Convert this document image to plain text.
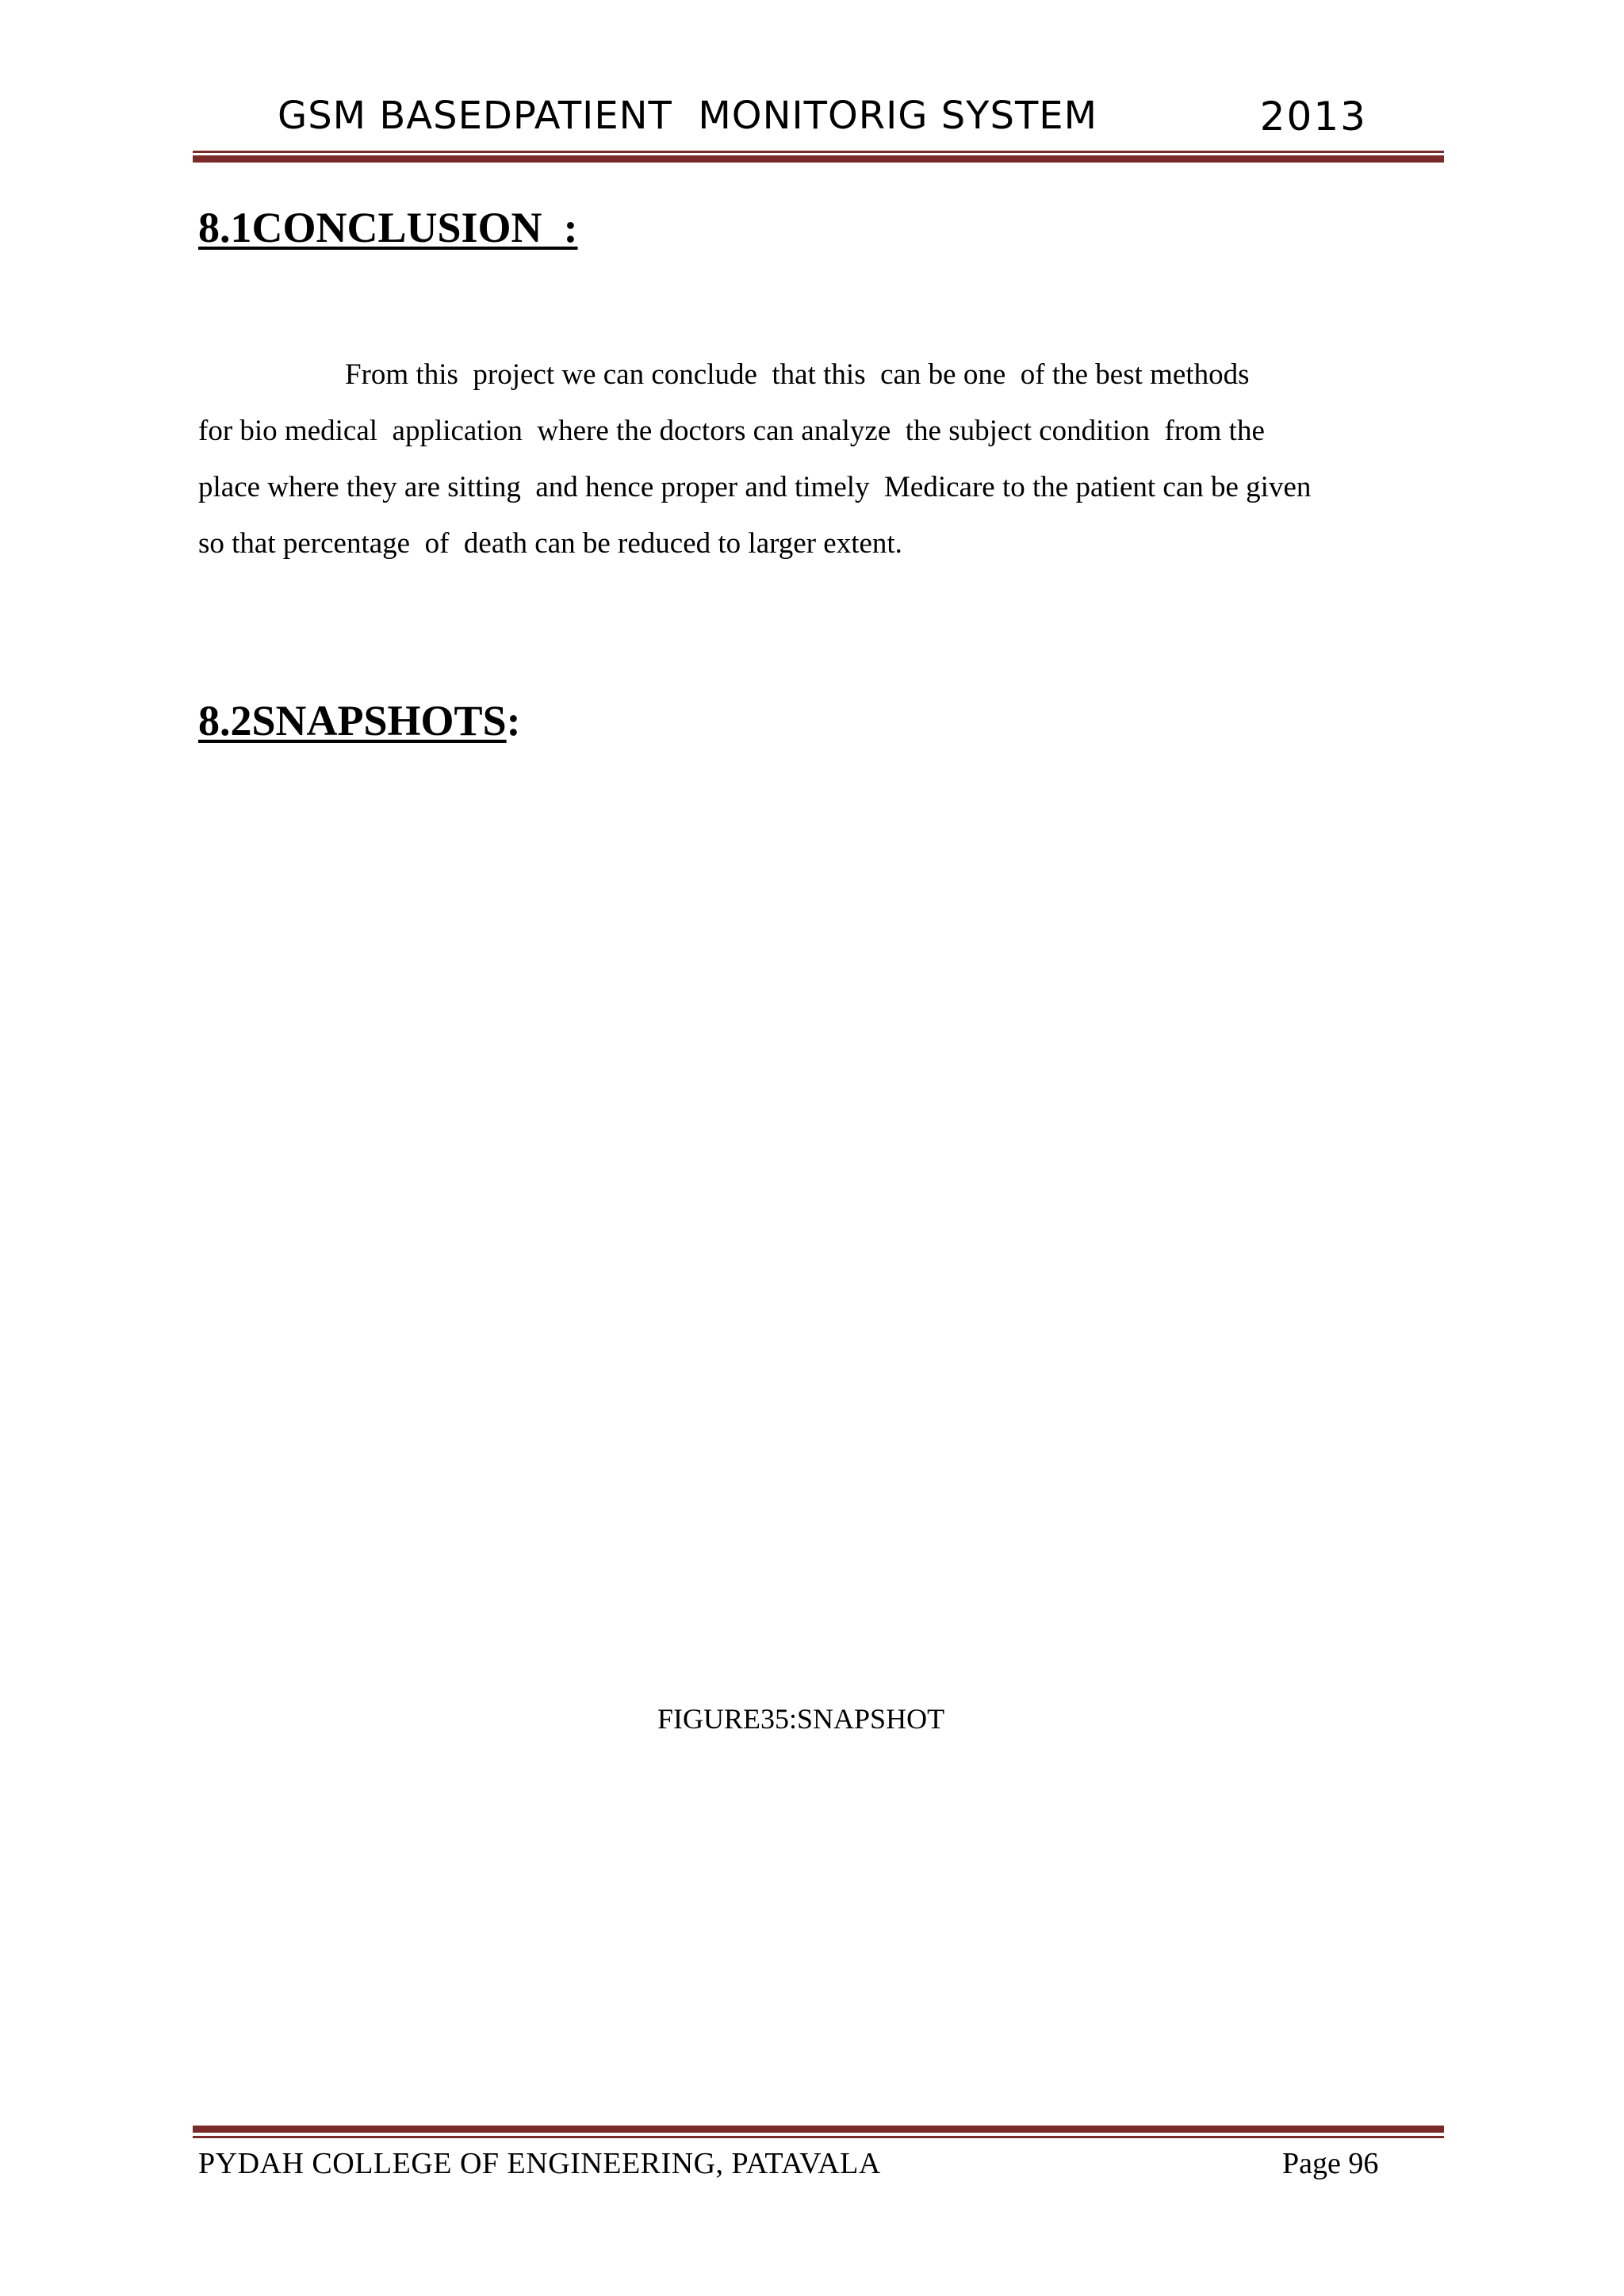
GSM BASEDPATIENT  MONITORIG SYSTEM	2013
8.1CONCLUSION  :
From this  project we can conclude  that this  can be one  of the best methods
for bio medical  application  where the doctors can analyze  the subject condition  from the
place where they are sitting  and hence proper and timely  Medicare to the patient can be given
so that percentage  of  death can be reduced to larger extent.
8.2SNAPSHOTS:
FIGURE35:SNAPSHOT
PYDAH COLLEGE OF ENGINEERING, PATAVALA	Page 96
